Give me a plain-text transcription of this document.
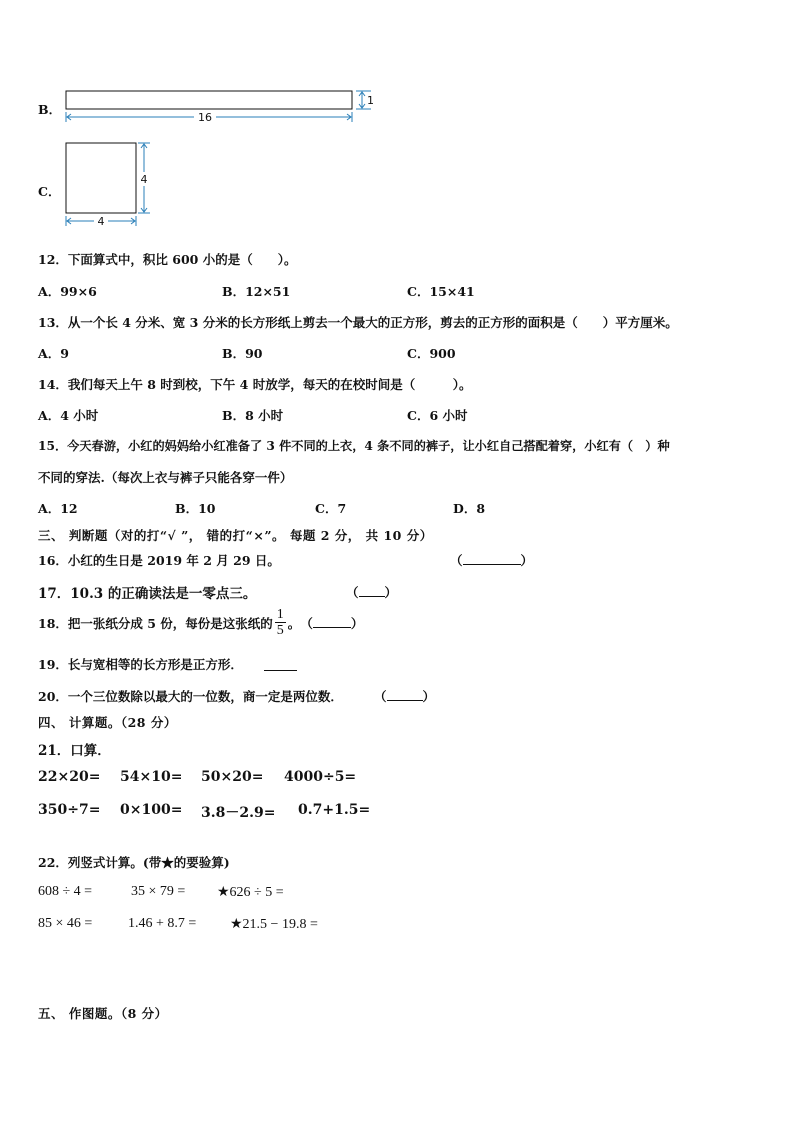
B．
16
1
C．
4
4
12．下面算式中，积比 600 小的是（　　）。
A．99×6	B．12×51	C．15×41
13．从一个长 4 分米、宽 3 分米的长方形纸上剪去一个最大的正方形，剪去的正方形的面积是（　　）平方厘米。
A．9	B．90	C．900
14．我们每天上午 8 时到校，下午 4 时放学，每天的在校时间是（　　　）。
A．4 小时	B．8 小时	C．6 小时
15．今天春游，小红的妈妈给小红准备了 3 件不同的上衣，4 条不同的裤子，让小红自己搭配着穿，小红有（　）种
不同的穿法.（每次上衣与裤子只能各穿一件）
A．12	B．10	C．7	D．8
三、 判断题（对的打“√ ”， 错的打“×”。 每题 2 分， 共 10 分）
16．小红的生日是 2019 年 2 月 29 日。	（	）
17．10.3 的正确读法是一零点三。	（ ）
18．把一张纸分成 5 份，每份是这张纸的 $\frac{1}{5}$ 。 （	）
19．长与宽相等的长方形是正方形．
20．一个三位数除以最大的一位数，商一定是两位数． （	）
四、 计算题。（28 分）
21．口算．
22×20= 54×10= 50×20= 4000÷5=
350÷7= 0×100= 3.8－2.9= 0.7+1.5=
22．列竖式计算。(带★的要验算)
608 ÷ 4 =	35 × 79 = ★626 ÷ 5 =
85 × 46 =	1.46 + 8.7 = ★21.5 − 19.8 =
五、 作图题。（8 分）
